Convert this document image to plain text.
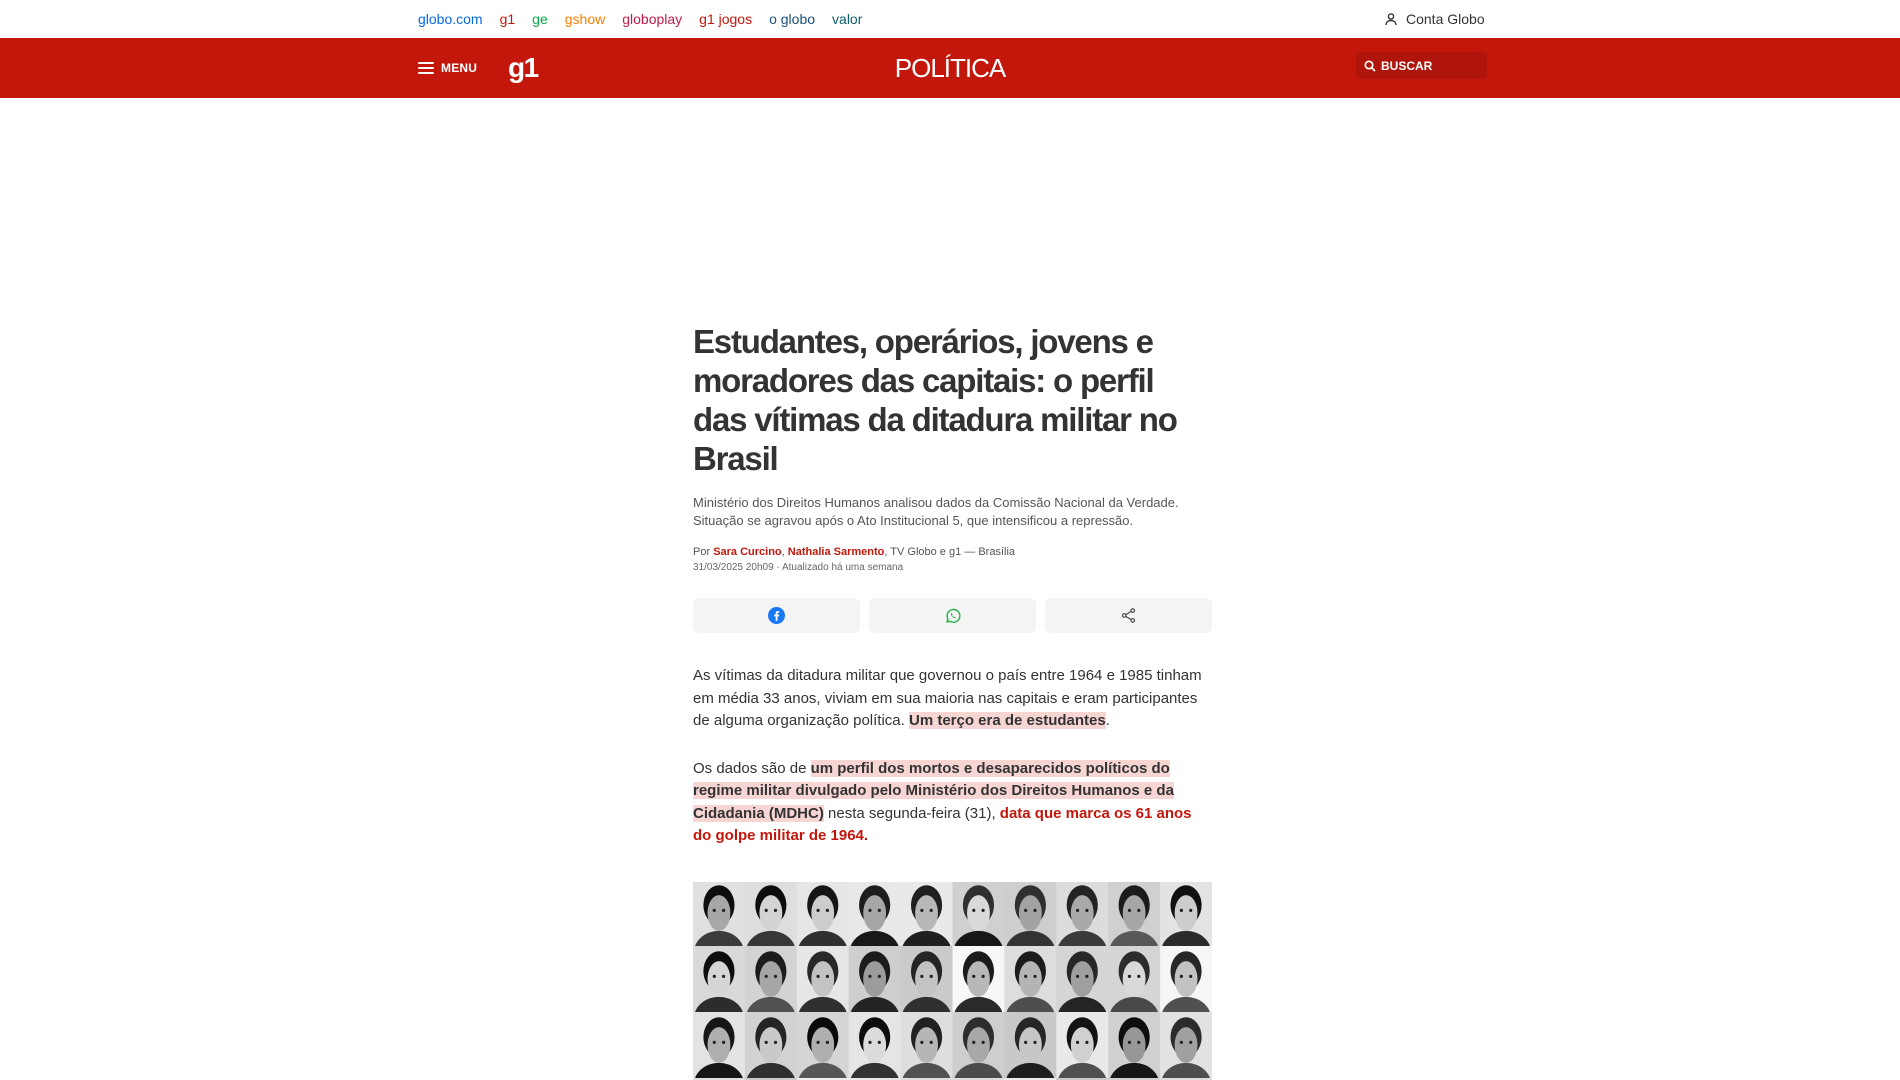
globo.com g1 ge gshow globoplay g1 jogos o globo valor	Conta Globo
MENU g1	POLÍTICA	BUSCAR
Estudantes, operários, jovens e moradores das capitais: o perfil das vítimas da ditadura militar no Brasil

Ministério dos Direitos Humanos analisou dados da Comissão Nacional da Verdade. Situação se agravou após o Ato Institucional 5, que intensificou a repressão.

Por Sara Curcino, Nathalia Sarmento, TV Globo e g1 — Brasília
31/03/2025 20h09 · Atualizado há uma semana

As vítimas da ditadura militar que governou o país entre 1964 e 1985 tinham em média 33 anos, viviam em sua maioria nas capitais e eram participantes de alguma organização política. Um terço era de estudantes.

Os dados são de um perfil dos mortos e desaparecidos políticos do regime militar divulgado pelo Ministério dos Direitos Humanos e da Cidadania (MDHC) nesta segunda-feira (31), data que marca os 61 anos do golpe militar de 1964.
